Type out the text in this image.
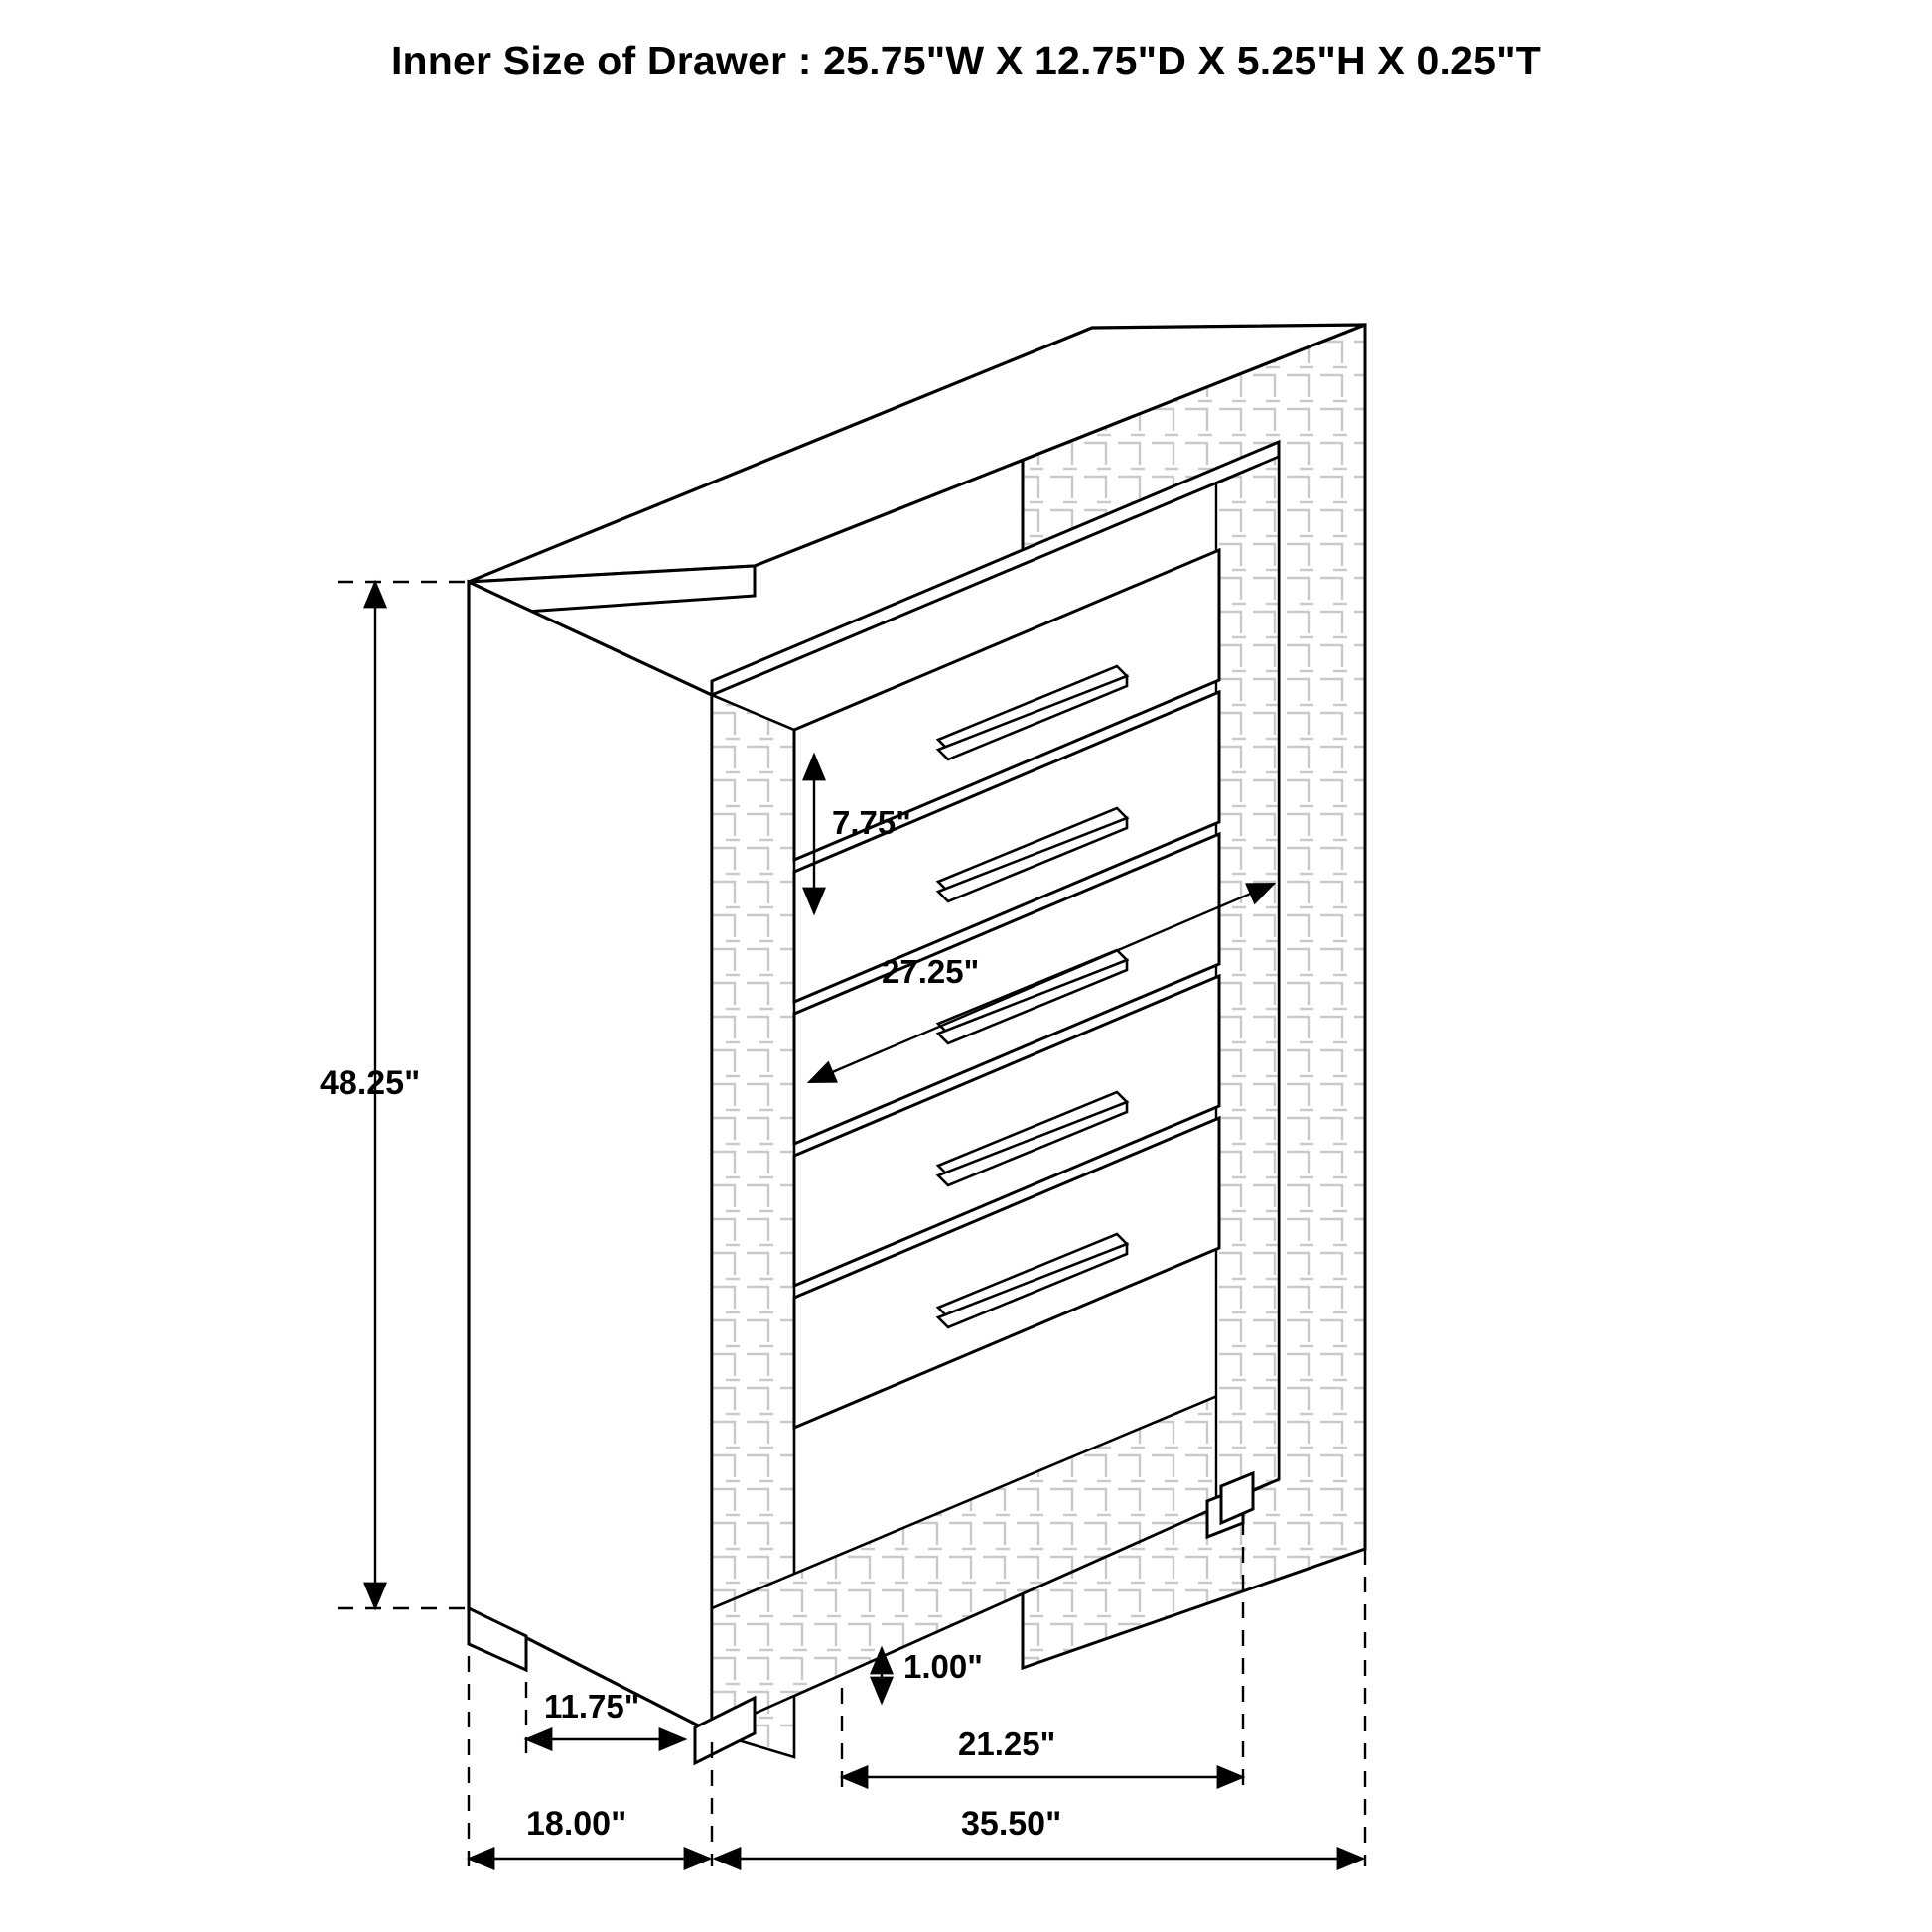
Inner Size of Drawer : 25.75"W X 12.75"D X 5.25"H X 0.25"T
48.25"
7.75"
27.25"
1.00"
11.75"
21.25"
18.00"	35.50"
